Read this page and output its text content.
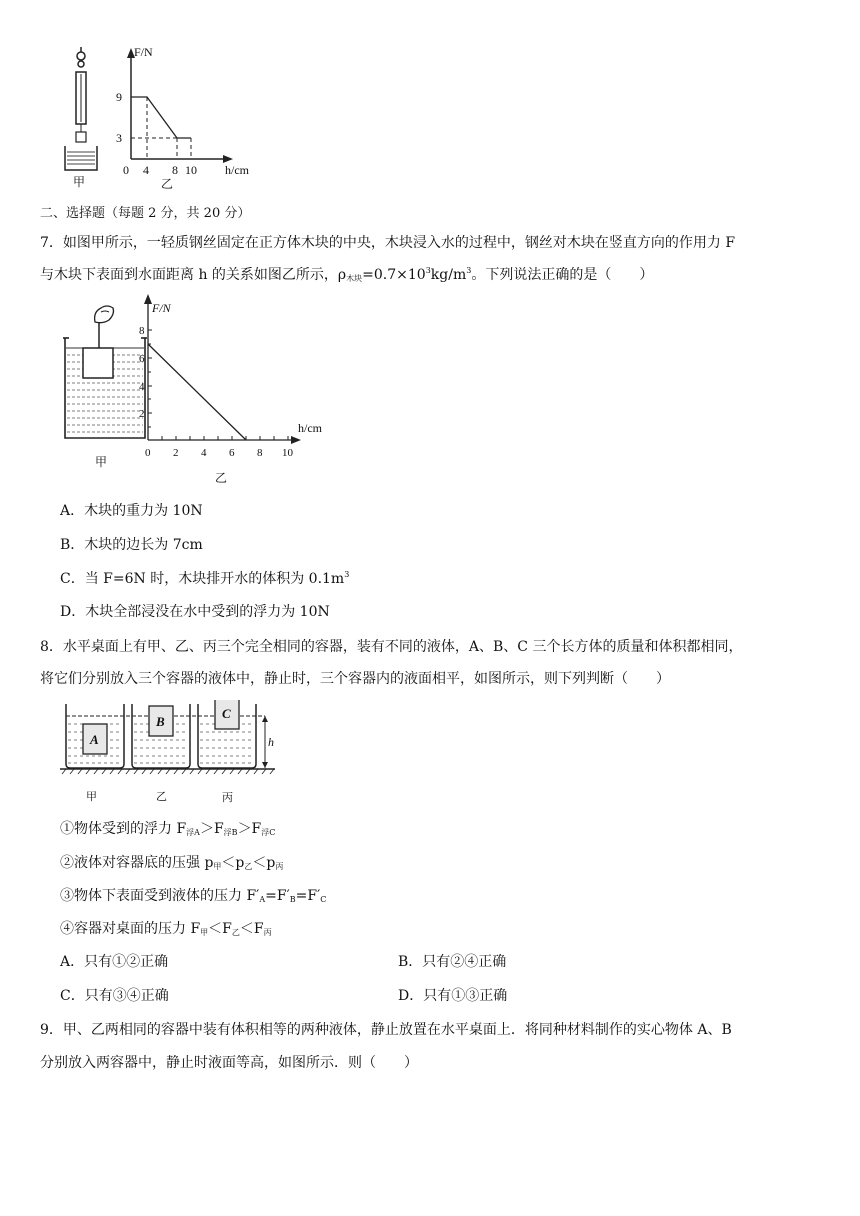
甲
F/N
h/cm
9
3
0 4 8 10
乙
二、选择题（每题 2 分，共 20 分）
7．如图甲所示，一轻质钢丝固定在正方体木块的中央，木块浸入水的过程中，钢丝对木块在竖直方向的作用力 F
与木块下表面到水面距离 h 的关系如图乙所示，$\rho_{木块}=0.7\times 10^3kg/m^3$。下列说法正确的是（　　）
甲
F/N
h/cm
8
6
4
2
0 2 4 6 8 10
乙
A．木块的重力为 10N
B．木块的边长为 7cm
C．当 F=6N 时，木块排开水的体积为 $0.1m^3$
D．木块全部浸没在水中受到的浮力为 10N
8．水平桌面上有甲、乙、丙三个完全相同的容器，装有不同的液体，A、B、C 三个长方体的质量和体积都相同，
将它们分别放入三个容器的液体中，静止时，三个容器内的液面相平，如图所示，则下列判断（　　）
A
B
C
h
甲	乙	丙
①物体受到的浮力 $F_{浮A}>F_{浮B}>F_{浮C}$
②液体对容器底的压强 $p_甲<p_乙<p_丙$
③物体下表面受到液体的压力 $F'_A=F'_B=F'_C$
④容器对桌面的压力 $F_甲<F_乙<F_丙$
A．只有①②正确	B．只有②④正确
C．只有③④正确	D．只有①③正确
9．甲、乙两相同的容器中装有体积相等的两种液体，静止放置在水平桌面上．将同种材料制作的实心物体 A、B
分别放入两容器中，静止时液面等高，如图所示．则（　　）
